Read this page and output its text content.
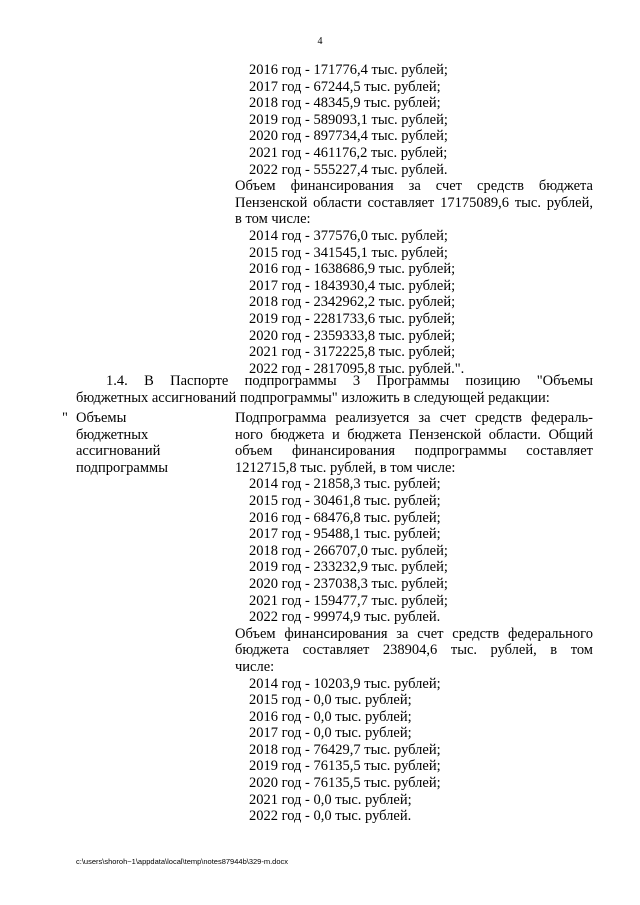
4
2016 год - 171776,4 тыс. рублей;
2017 год - 67244,5 тыс. рублей;
2018 год - 48345,9 тыс. рублей;
2019 год - 589093,1 тыс. рублей;
2020 год - 897734,4 тыс. рублей;
2021 год - 461176,2 тыс. рублей;
2022 год - 555227,4 тыс. рублей.
Объем финансирования за счет средств бюджета
Пензенской области составляет 17175089,6 тыс. рублей,
в том числе:
2014 год - 377576,0 тыс. рублей;
2015 год - 341545,1 тыс. рублей;
2016 год - 1638686,9 тыс. рублей;
2017 год - 1843930,4 тыс. рублей;
2018 год - 2342962,2 тыс. рублей;
2019 год - 2281733,6 тыс. рублей;
2020 год - 2359333,8 тыс. рублей;
2021 год - 3172225,8 тыс. рублей;
2022 год - 2817095,8 тыс. рублей.".
1.4. В Паспорте подпрограммы 3 Программы позицию "Объемы
бюджетных ассигнований подпрограммы" изложить в следующей редакции:
" Объемы
бюджетных
ассигнований
подпрограммы
Подпрограмма реализуется за счет средств федераль-
ного бюджета и бюджета Пензенской области. Общий
объем финансирования подпрограммы составляет
1212715,8 тыс. рублей, в том числе:
2014 год - 21858,3 тыс. рублей;
2015 год - 30461,8 тыс. рублей;
2016 год - 68476,8 тыс. рублей;
2017 год - 95488,1 тыс. рублей;
2018 год - 266707,0 тыс. рублей;
2019 год - 233232,9 тыс. рублей;
2020 год - 237038,3 тыс. рублей;
2021 год - 159477,7 тыс. рублей;
2022 год - 99974,9 тыс. рублей.
Объем финансирования за счет средств федерального
бюджета составляет 238904,6 тыс. рублей, в том
числе:
2014 год - 10203,9 тыс. рублей;
2015 год - 0,0 тыс. рублей;
2016 год - 0,0 тыс. рублей;
2017 год - 0,0 тыс. рублей;
2018 год - 76429,7 тыс. рублей;
2019 год - 76135,5 тыс. рублей;
2020 год - 76135,5 тыс. рублей;
2021 год - 0,0 тыс. рублей;
2022 год - 0,0 тыс. рублей.
c:\users\shoroh~1\appdata\local\temp\notes87944b\329-m.docx
